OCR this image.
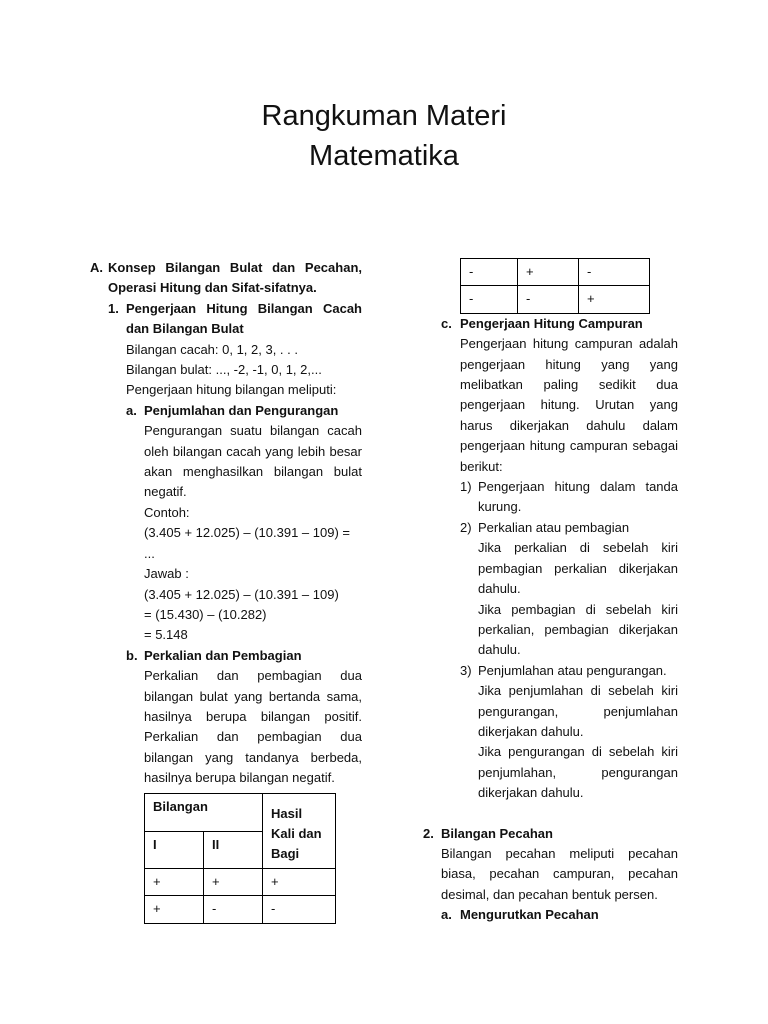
Rangkuman Materi
Matematika
A. Konsep Bilangan Bulat dan Pecahan, Operasi Hitung dan Sifat-sifatnya.
1. Pengerjaan Hitung Bilangan Cacah dan Bilangan Bulat
Bilangan cacah: 0, 1, 2, 3, . . .
Bilangan bulat: ..., -2, -1, 0, 1, 2,...
Pengerjaan hitung bilangan meliputi:
a. Penjumlahan dan Pengurangan
Pengurangan suatu bilangan cacah oleh bilangan cacah yang lebih besar akan menghasilkan bilangan bulat negatif.
Contoh:
(3.405 + 12.025) – (10.391 – 109) = ...
Jawab :
(3.405 + 12.025) – (10.391 – 109)
= (15.430) – (10.282)
= 5.148
b. Perkalian dan Pembagian
Perkalian dan pembagian dua bilangan bulat yang bertanda sama, hasilnya berupa bilangan positif. Perkalian dan pembagian dua bilangan yang tandanya berbeda, hasilnya berupa bilangan negatif.
Bilangan		Hasil Kali dan Bagi
I	II	
+	+	+
+	-	-
-	+	-
-	-	+
c. Pengerjaan Hitung Campuran
Pengerjaan hitung campuran adalah pengerjaan hitung yang yang melibatkan paling sedikit dua pengerjaan hitung. Urutan yang harus dikerjakan dahulu dalam pengerjaan hitung campuran sebagai berikut:
1) Pengerjaan hitung dalam tanda kurung.
2) Perkalian atau pembagian
Jika perkalian di sebelah kiri pembagian perkalian dikerjakan dahulu.
Jika pembagian di sebelah kiri perkalian, pembagian dikerjakan dahulu.
3) Penjumlahan atau pengurangan.
Jika penjumlahan di sebelah kiri pengurangan, penjumlahan dikerjakan dahulu.
Jika pengurangan di sebelah kiri penjumlahan, pengurangan dikerjakan dahulu.
2. Bilangan Pecahan
Bilangan pecahan meliputi pecahan biasa, pecahan campuran, pecahan desimal, dan pecahan bentuk persen.
a. Mengurutkan Pecahan
